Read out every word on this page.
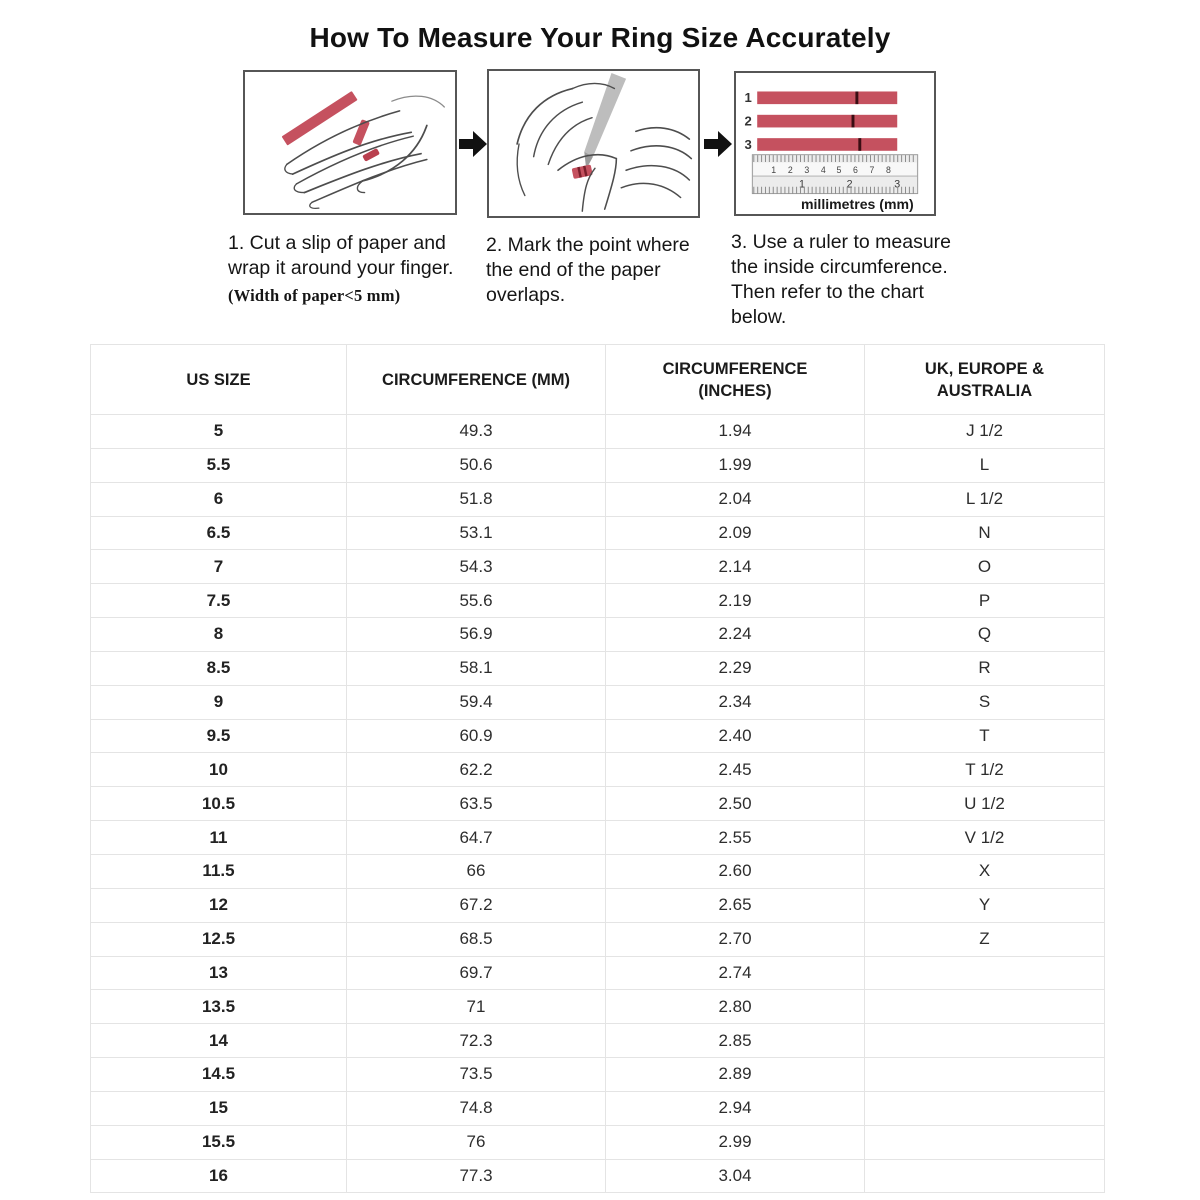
How To Measure Your Ring Size Accurately
1
2
3
1 2 3 4 5 6 7 8
1	2	3
millimetres (mm)
1. Cut a slip of paper and wrap it around your finger.
(Width of paper<5 mm)
2. Mark the point where the end of the paper overlaps.
3. Use a ruler to measure the inside circumference. Then refer to the chart below.
US SIZE	CIRCUMFERENCE (MM)	CIRCUMFERENCE (INCHES)	UK, EUROPE & AUSTRALIA
5	49.3	1.94	J 1/2
5.5	50.6	1.99	L
6	51.8	2.04	L 1/2
6.5	53.1	2.09	N
7	54.3	2.14	O
7.5	55.6	2.19	P
8	56.9	2.24	Q
8.5	58.1	2.29	R
9	59.4	2.34	S
9.5	60.9	2.40	T
10	62.2	2.45	T 1/2
10.5	63.5	2.50	U 1/2
11	64.7	2.55	V 1/2
11.5	66	2.60	X
12	67.2	2.65	Y
12.5	68.5	2.70	Z
13	69.7	2.74	
13.5	71	2.80	
14	72.3	2.85	
14.5	73.5	2.89	
15	74.8	2.94	
15.5	76	2.99	
16	77.3	3.04	
